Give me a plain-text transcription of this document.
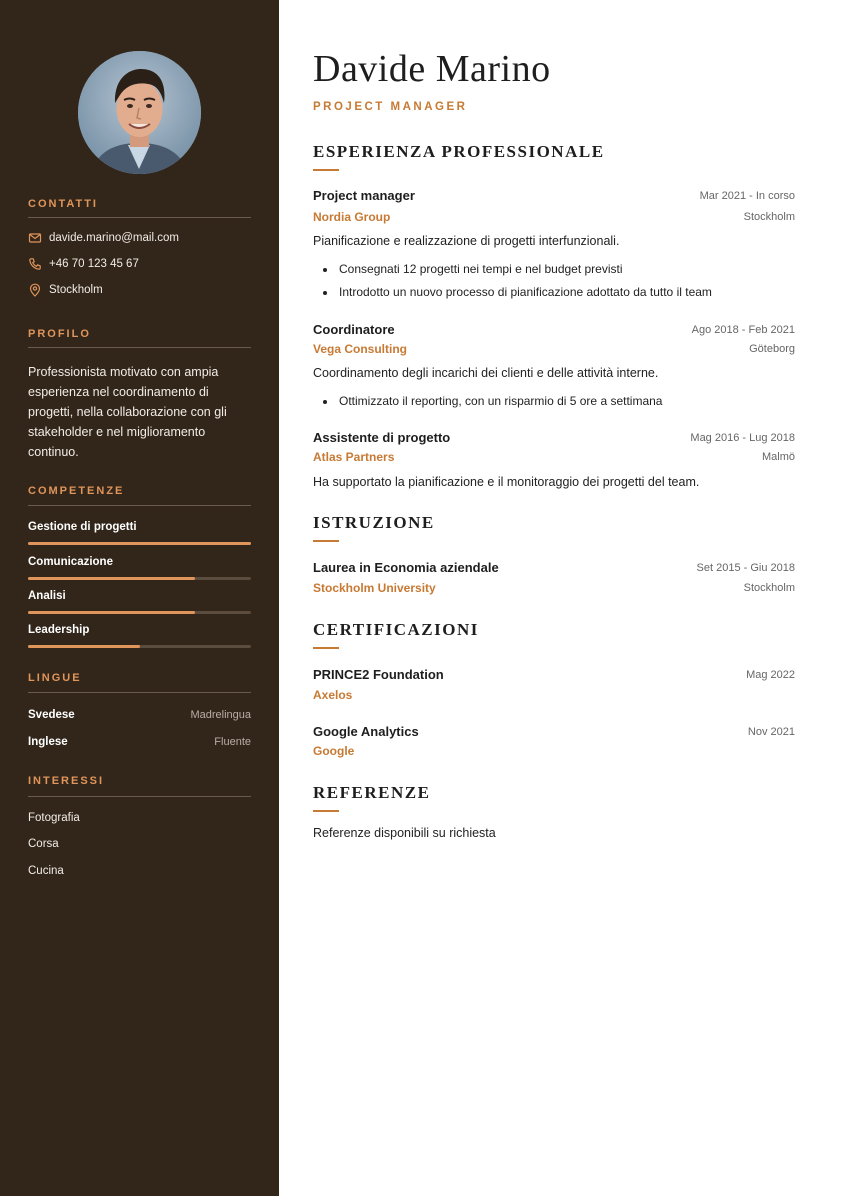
CONTATTI
davide.marino@mail.com
+46 70 123 45 67
Stockholm
PROFILO
Professionista motivato con ampia esperienza nel coordinamento di progetti, nella collaborazione con gli stakeholder e nel miglioramento continuo.
COMPETENZE
Gestione di progetti
Comunicazione
Analisi
Leadership
LINGUE
Svedese	Madrelingua
Inglese	Fluente
INTERESSI
Fotografia
Corsa
Cucina
Davide Marino
PROJECT MANAGER
ESPERIENZA PROFESSIONALE
Project manager	Mar 2021 - In corso
Nordia Group	Stockholm
Pianificazione e realizzazione di progetti interfunzionali.
Consegnati 12 progetti nei tempi e nel budget previsti
Introdotto un nuovo processo di pianificazione adottato da tutto il team
Coordinatore	Ago 2018 - Feb 2021
Vega Consulting	Göteborg
Coordinamento degli incarichi dei clienti e delle attività interne.
Ottimizzato il reporting, con un risparmio di 5 ore a settimana
Assistente di progetto	Mag 2016 - Lug 2018
Atlas Partners	Malmö
Ha supportato la pianificazione e il monitoraggio dei progetti del team.
ISTRUZIONE
Laurea in Economia aziendale	Set 2015 - Giu 2018
Stockholm University	Stockholm
CERTIFICAZIONI
PRINCE2 Foundation	Mag 2022
Axelos
Google Analytics	Nov 2021
Google
REFERENZE
Referenze disponibili su richiesta
